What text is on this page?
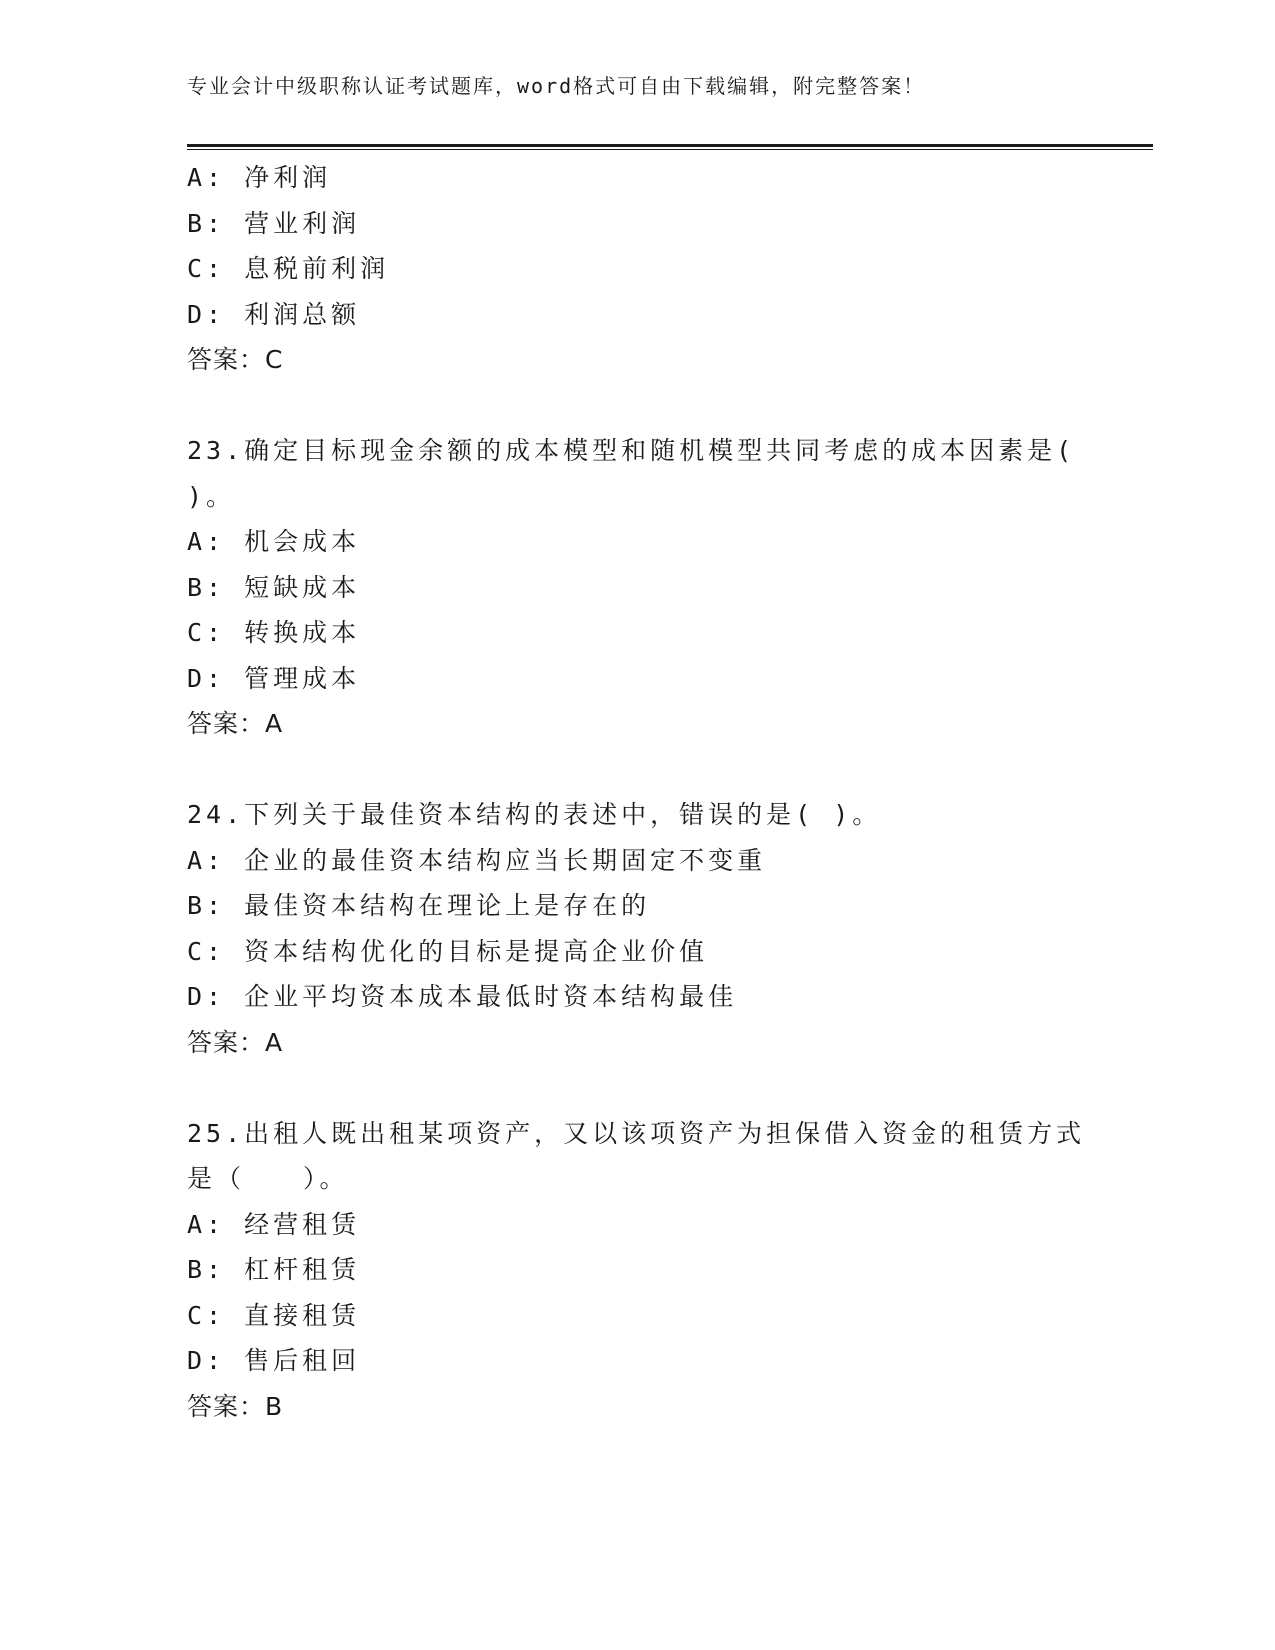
专业会计中级职称认证考试题库，word格式可自由下载编辑，附完整答案！
A: 净利润
B: 营业利润
C: 息税前利润
D: 利润总额
答案：C
23.确定目标现金余额的成本模型和随机模型共同考虑的成本因素是(
)。
A: 机会成本
B: 短缺成本
C: 转换成本
D: 管理成本
答案：A
24.下列关于最佳资本结构的表述中，错误的是( )。
A: 企业的最佳资本结构应当长期固定不变重
B: 最佳资本结构在理论上是存在的
C: 资本结构优化的目标是提高企业价值
D: 企业平均资本成本最低时资本结构最佳
答案：A
25.出租人既出租某项资产，又以该项资产为担保借入资金的租赁方式
是（　　）。
A: 经营租赁
B: 杠杆租赁
C: 直接租赁
D: 售后租回
答案：B
